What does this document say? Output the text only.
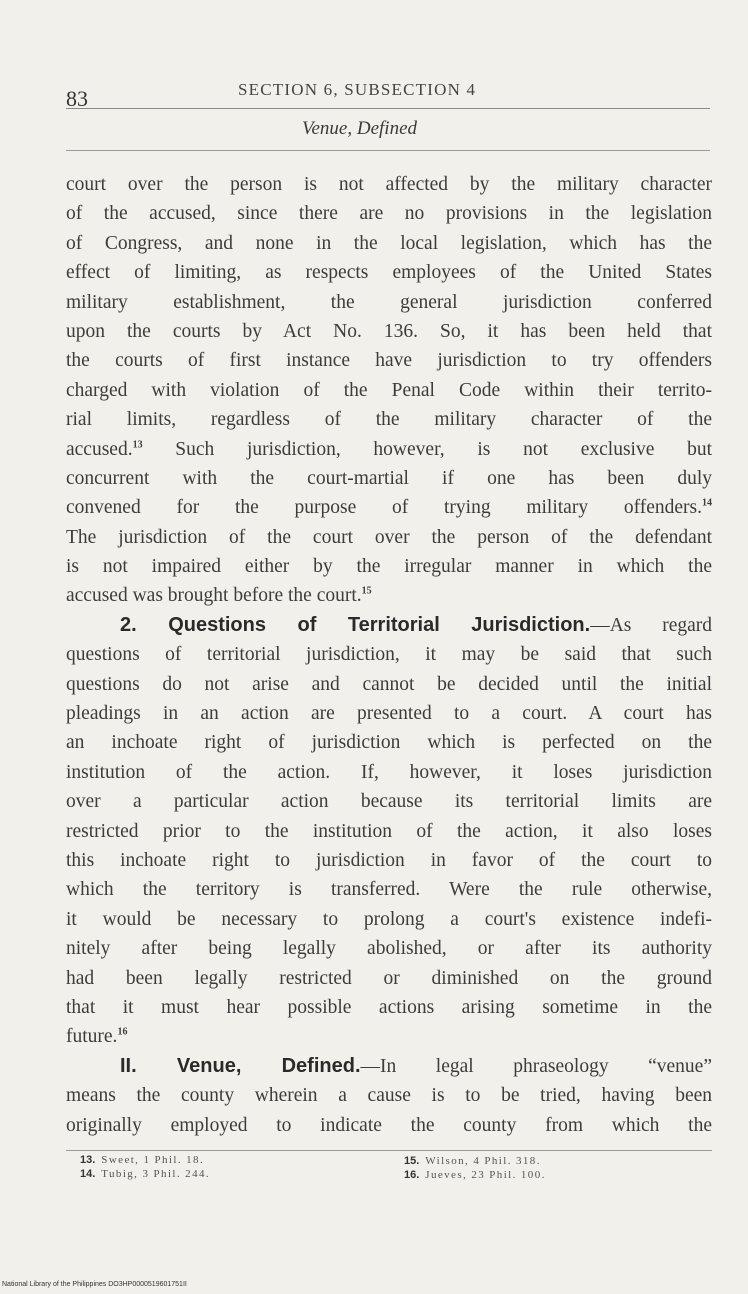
83	SECTION 6, SUBSECTION 4
Venue, Defined
court over the person is not affected by the military character
of the accused, since there are no provisions in the legislation
of Congress, and none in the local legislation, which has the
effect of limiting, as respects employees of the United States
military establishment, the general jurisdiction conferred
upon the courts by Act No. 136. So, it has been held that
the courts of first instance have jurisdiction to try offenders
charged with violation of the Penal Code within their territo-
rial limits, regardless of the military character of the
accused.$^{13}$ Such jurisdiction, however, is not exclusive but
concurrent with the court-martial if one has been duly
convened for the purpose of trying military offenders.$^{14}$
The jurisdiction of the court over the person of the defendant
is not impaired either by the irregular manner in which the
accused was brought before the court.$^{15}$
2. Questions of Territorial Jurisdiction.—As regard
questions of territorial jurisdiction, it may be said that such
questions do not arise and cannot be decided until the initial
pleadings in an action are presented to a court. A court has
an inchoate right of jurisdiction which is perfected on the
institution of the action. If, however, it loses jurisdiction
over a particular action because its territorial limits are
restricted prior to the institution of the action, it also loses
this inchoate right to jurisdiction in favor of the court to
which the territory is transferred. Were the rule otherwise,
it would be necessary to prolong a court's existence indefi-
nitely after being legally abolished, or after its authority
had been legally restricted or diminished on the ground
that it must hear possible actions arising sometime in the
future.$^{16}$
II. Venue, Defined.—In legal phraseology “venue”
means the county wherein a cause is to be tried, having been
originally employed to indicate the county from which the
13. Sweet, 1 Phil. 18.
14. Tubig, 3 Phil. 244.
15. Wilson, 4 Phil. 318.
16. Jueves, 23 Phil. 100.
National Library of the Philippines DO3HP0000519601751II
